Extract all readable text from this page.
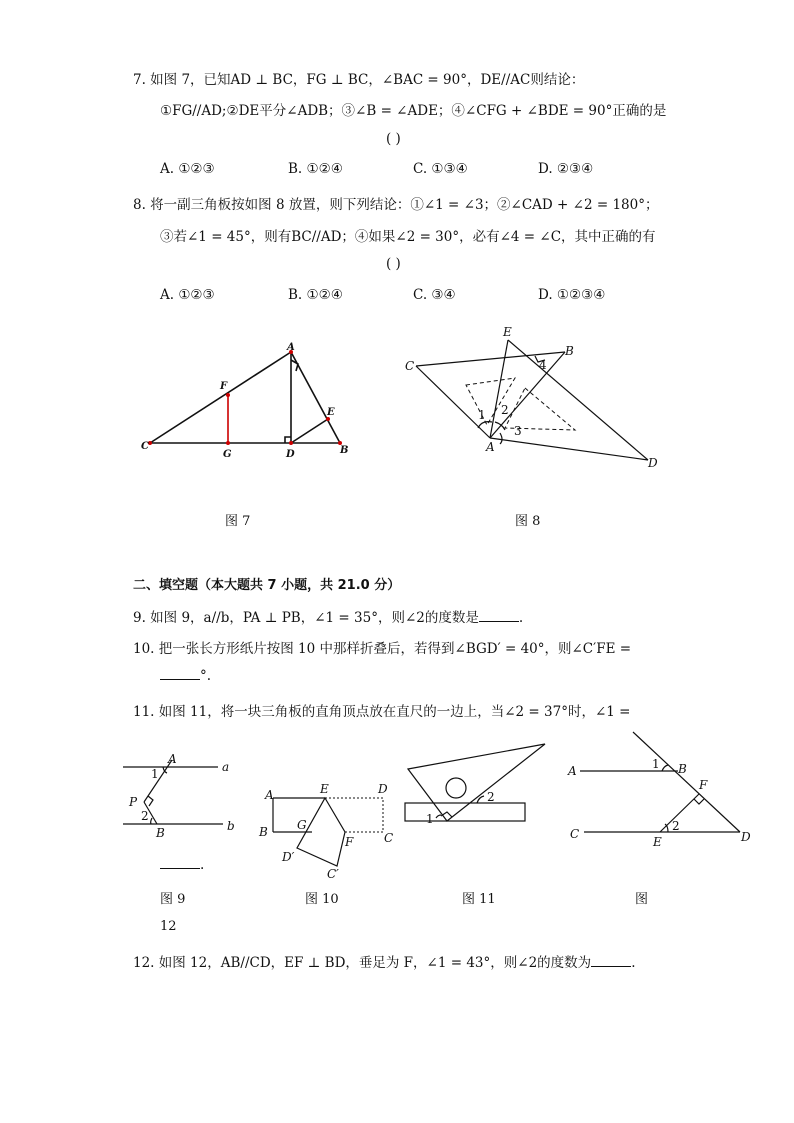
7. 如图 7，已知AD ⊥ BC，FG ⊥ BC，∠BAC = 90°，DE//AC则结论：
①FG//AD;②DE平分∠ADB；③∠B = ∠ADE；④∠CFG + ∠BDE = 90°正确的是
( )
A. ①②③	B. ①②④	C. ①③④	D. ②③④
8. 将一副三角板按如图 8 放置，则下列结论：①∠1 = ∠3；②∠CAD + ∠2 = 180°；
③若∠1 = 45°，则有BC//AD；④如果∠2 = 30°，必有∠4 = ∠C，其中正确的有
( )
A. ①②③	B. ①②④	C. ③④	D. ①②③④
A
F
E
C
G	D	B
图 7
E
B
C
A
D
1 2
3
4
图 8
二、填空题（本大题共 7 小题，共 21.0 分）
9. 如图 9，a//b，PA ⊥ PB，∠1 = 35°，则∠2的度数是	.
10. 把一张长方形纸片按图 10 中那样折叠后，若得到∠BGD′ = 40°，则∠C′FE =
°.
11. 如图 11，将一块三角板的直角顶点放在直尺的一边上，当∠2 = 37°时，∠1 =
A
a
P
B	b
1
2
.
图 9
A	E	D
G
B	C
F
D′
C′
图 10
1
2
图 11
A	B
F
C
E	D
1
2
图
12
12. 如图 12，AB//CD，EF ⊥ BD，垂足为 F，∠1 = 43°，则∠2的度数为	.
